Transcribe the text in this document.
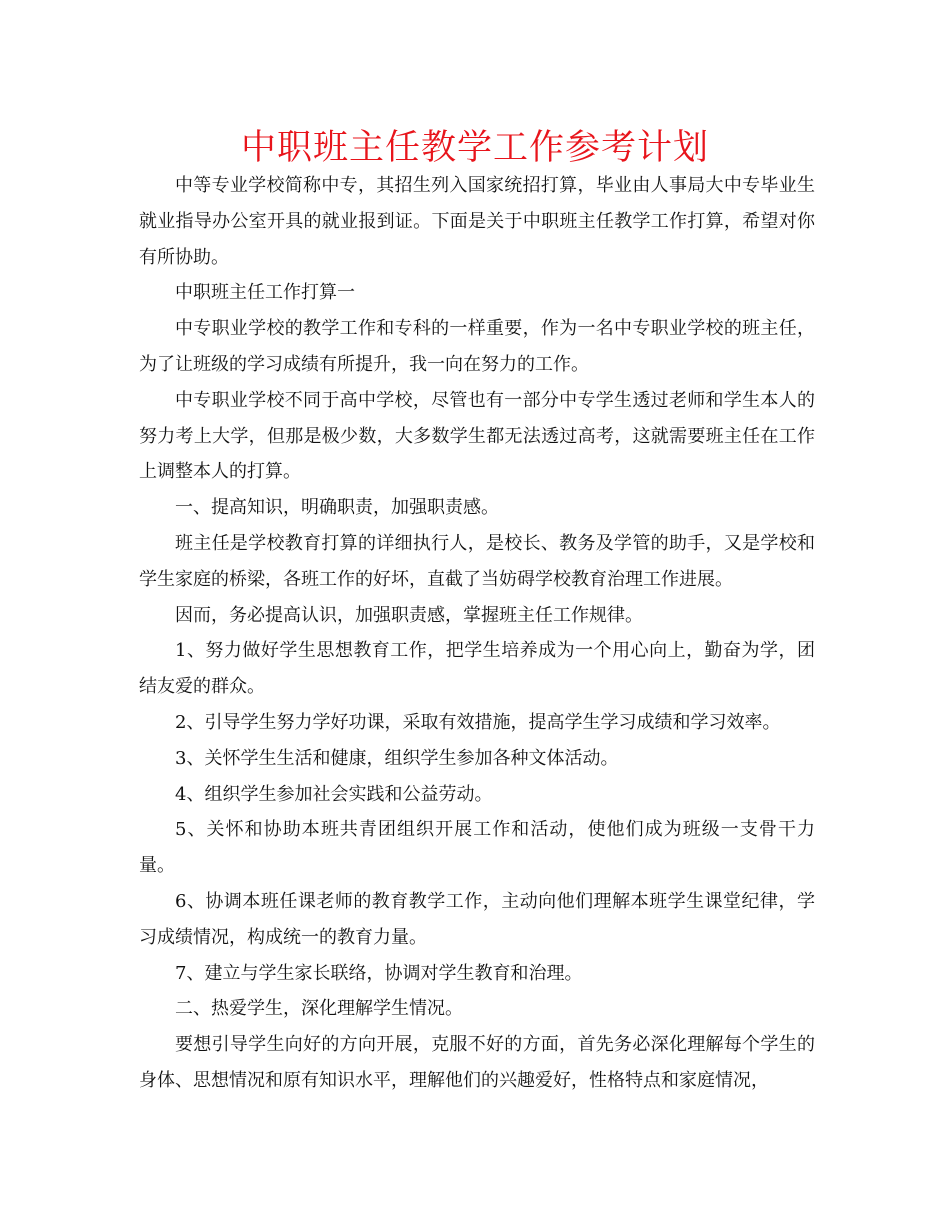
中职班主任教学工作参考计划

中等专业学校简称中专，其招生列入国家统招打算，毕业由人事局大中专毕业生就业指导办公室开具的就业报到证。下面是关于中职班主任教学工作打算，希望对你有所协助。

中职班主任工作打算一

中专职业学校的教学工作和专科的一样重要，作为一名中专职业学校的班主任，为了让班级的学习成绩有所提升，我一向在努力的工作。

中专职业学校不同于高中学校，尽管也有一部分中专学生透过老师和学生本人的努力考上大学，但那是极少数，大多数学生都无法透过高考，这就需要班主任在工作上调整本人的打算。

一、提高知识，明确职责，加强职责感。

班主任是学校教育打算的详细执行人，是校长、教务及学管的助手，又是学校和学生家庭的桥梁，各班工作的好坏，直截了当妨碍学校教育治理工作进展。

因而，务必提高认识，加强职责感，掌握班主任工作规律。

1、努力做好学生思想教育工作，把学生培养成为一个用心向上，勤奋为学，团结友爱的群众。

2、引导学生努力学好功课，采取有效措施，提高学生学习成绩和学习效率。

3、关怀学生生活和健康，组织学生参加各种文体活动。

4、组织学生参加社会实践和公益劳动。

5、关怀和协助本班共青团组织开展工作和活动，使他们成为班级一支骨干力量。

6、协调本班任课老师的教育教学工作，主动向他们理解本班学生课堂纪律，学习成绩情况，构成统一的教育力量。

7、建立与学生家长联络，协调对学生教育和治理。

二、热爱学生，深化理解学生情况。

要想引导学生向好的方向开展，克服不好的方面，首先务必深化理解每个学生的身体、思想情况和原有知识水平，理解他们的兴趣爱好，性格特点和家庭情况，
